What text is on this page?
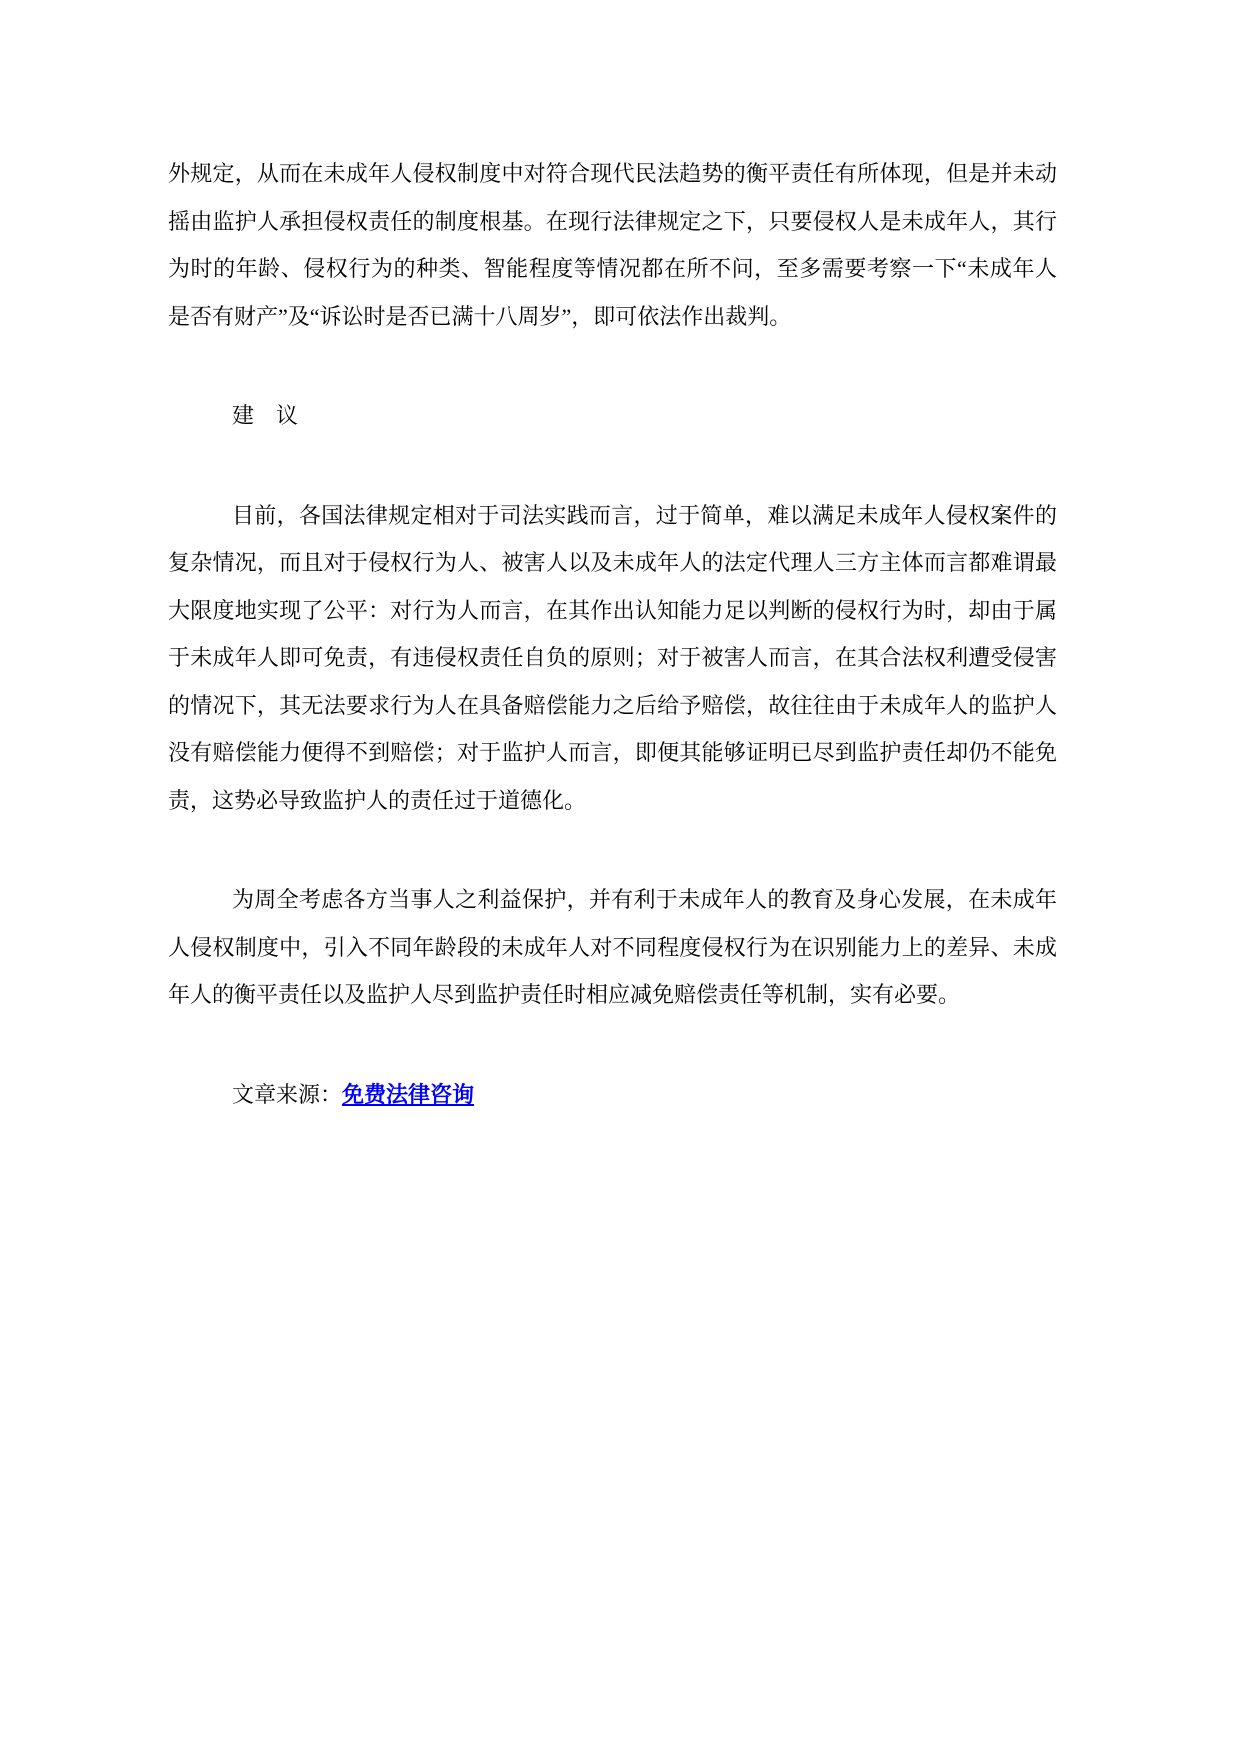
外规定，从而在未成年人侵权制度中对符合现代民法趋势的衡平责任有所体现，但是并未动摇由监护人承担侵权责任的制度根基。在现行法律规定之下，只要侵权人是未成年人，其行为时的年龄、侵权行为的种类、智能程度等情况都在所不问，至多需要考察一下“未成年人是否有财产”及“诉讼时是否已满十八周岁”，即可依法作出裁判。

建　议

目前，各国法律规定相对于司法实践而言，过于简单，难以满足未成年人侵权案件的复杂情况，而且对于侵权行为人、被害人以及未成年人的法定代理人三方主体而言都难谓最大限度地实现了公平：对行为人而言，在其作出认知能力足以判断的侵权行为时，却由于属于未成年人即可免责，有违侵权责任自负的原则；对于被害人而言，在其合法权利遭受侵害的情况下，其无法要求行为人在具备赔偿能力之后给予赔偿，故往往由于未成年人的监护人没有赔偿能力便得不到赔偿；对于监护人而言，即便其能够证明已尽到监护责任却仍不能免责，这势必导致监护人的责任过于道德化。

为周全考虑各方当事人之利益保护，并有利于未成年人的教育及身心发展，在未成年人侵权制度中，引入不同年龄段的未成年人对不同程度侵权行为在识别能力上的差异、未成年人的衡平责任以及监护人尽到监护责任时相应减免赔偿责任等机制，实有必要。

文章来源：免费法律咨询
